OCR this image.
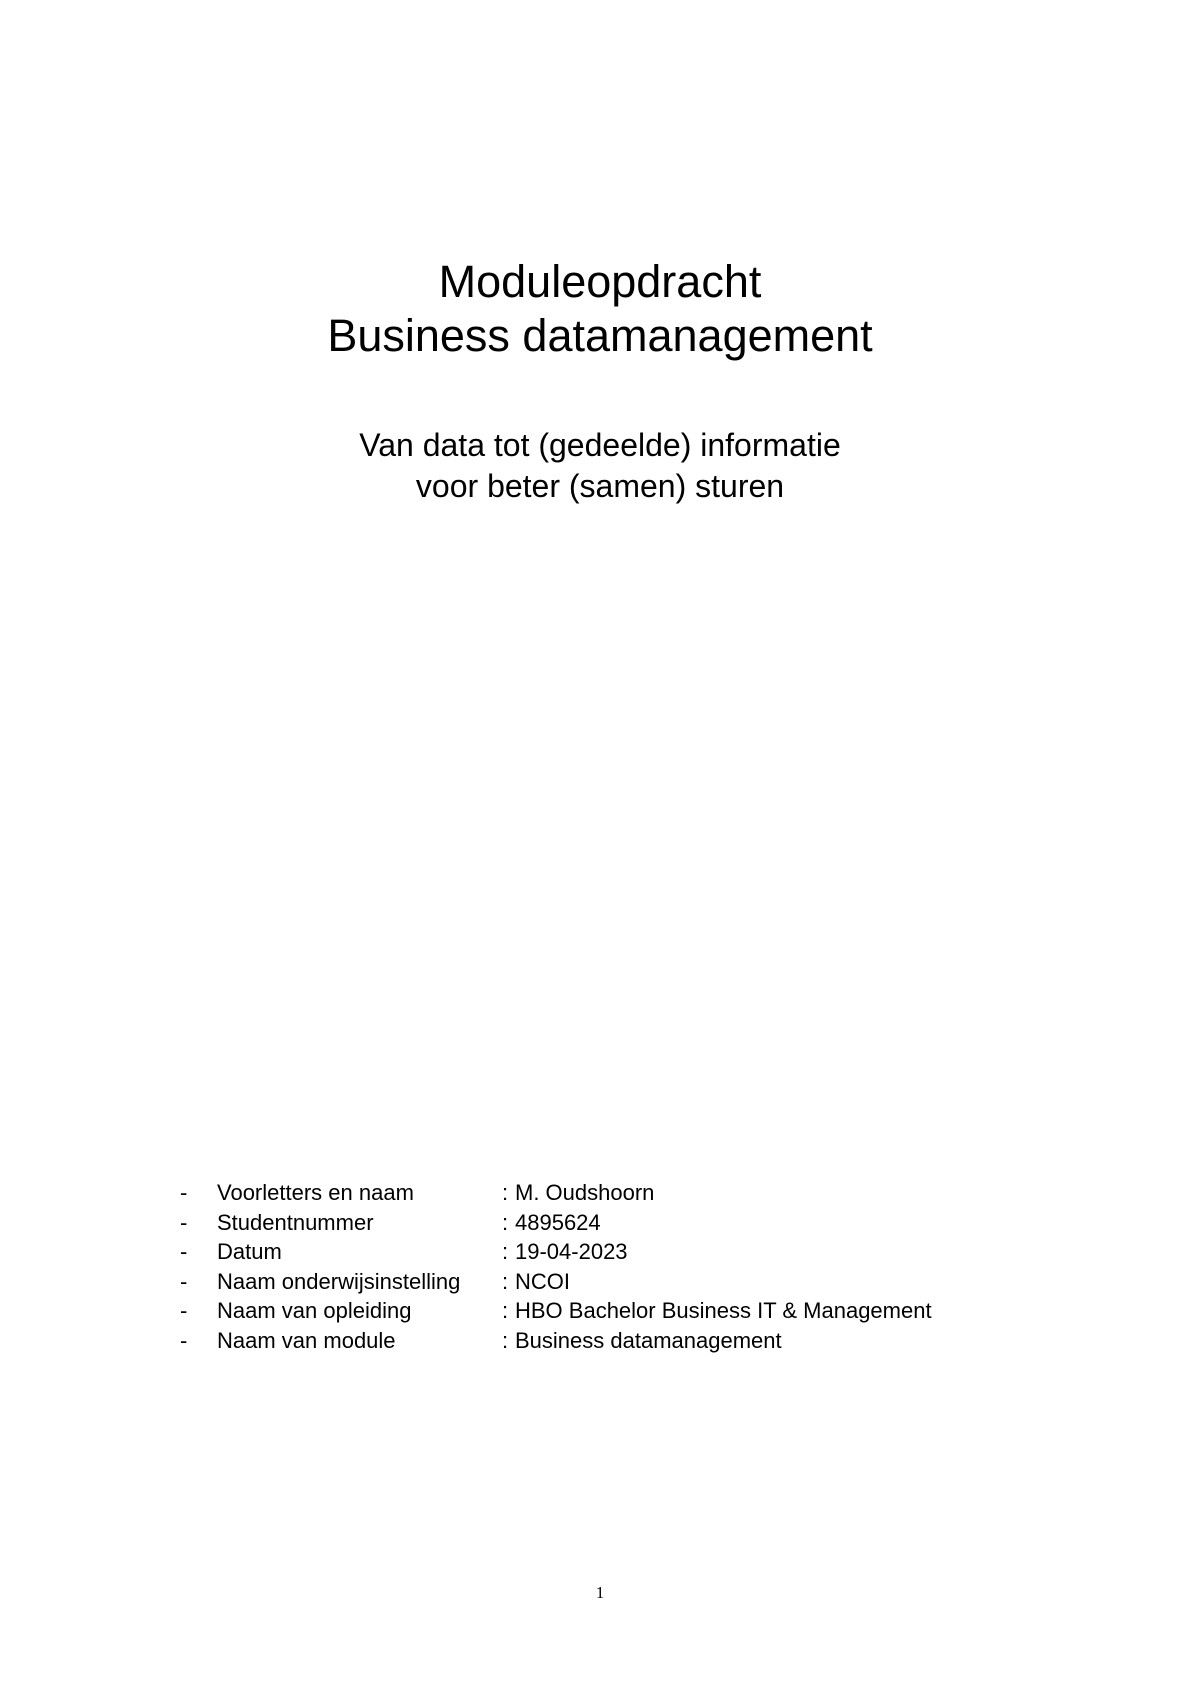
Moduleopdracht
Business datamanagement

Van data tot (gedeelde) informatie

voor beter (samen) sturen

- Voorletters en naam	: M. Oudshoorn
- Studentnummer	: 4895624
- Datum	: 19-04-2023
- Naam onderwijsinstelling : NCOI
- Naam van opleiding	: HBO Bachelor Business IT & Management
- Naam van module	: Business datamanagement
1
